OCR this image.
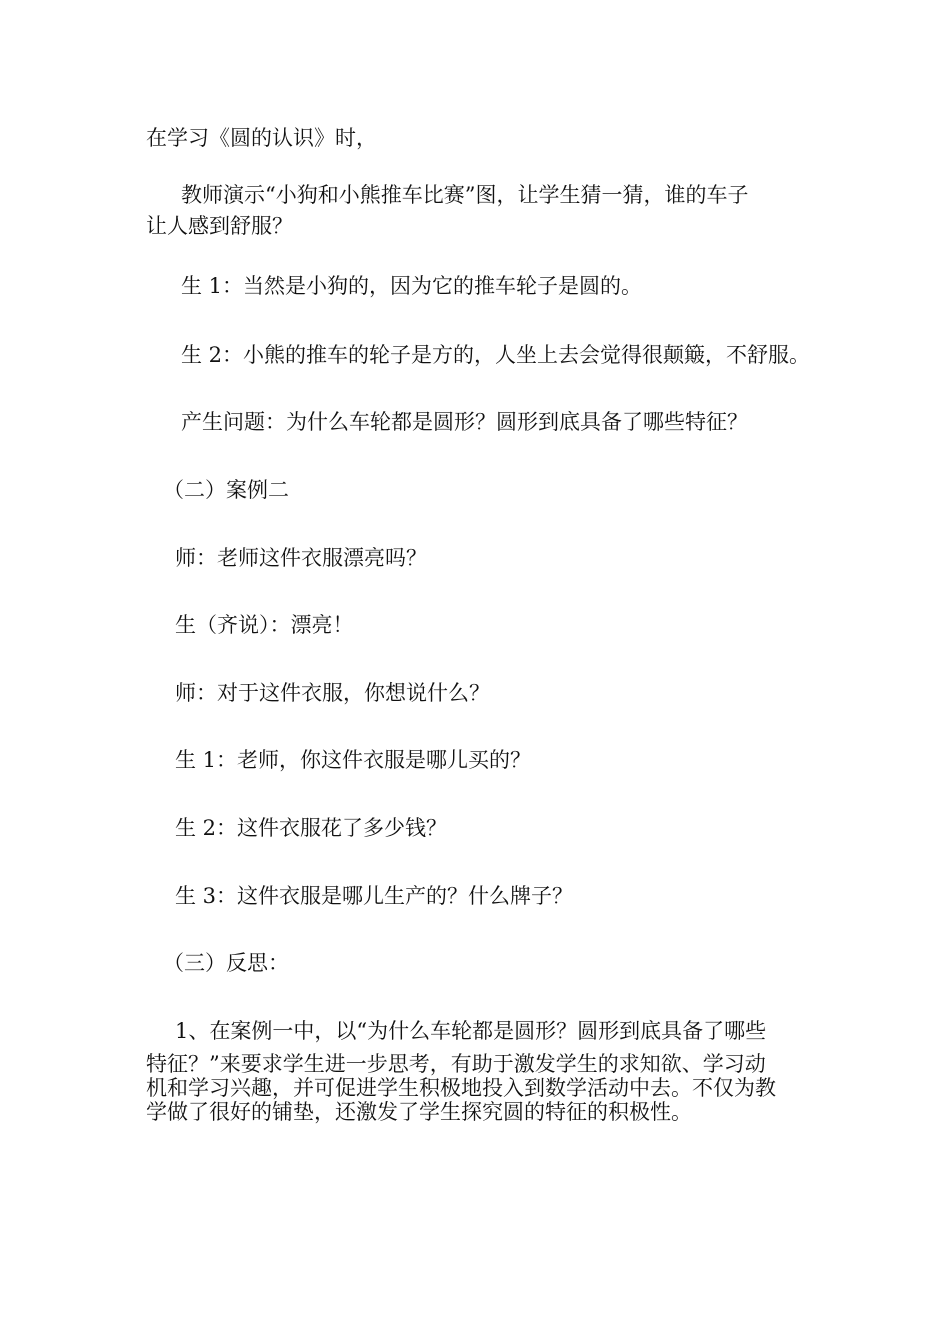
在学习《圆的认识》时，
教师演示“小狗和小熊推车比赛”图，让学生猜一猜，谁的车子
让人感到舒服？
生 1：当然是小狗的，因为它的推车轮子是圆的。
生 2：小熊的推车的轮子是方的，人坐上去会觉得很颠簸，不舒服。
产生问题：为什么车轮都是圆形？圆形到底具备了哪些特征？
（二）案例二
师：老师这件衣服漂亮吗？
生（齐说）：漂亮！
师：对于这件衣服，你想说什么？
生 1：老师，你这件衣服是哪儿买的？
生 2：这件衣服花了多少钱？
生 3：这件衣服是哪儿生产的？什么牌子？
（三）反思：
1、在案例一中，以“为什么车轮都是圆形？圆形到底具备了哪些
特征？”来要求学生进一步思考，有助于激发学生的求知欲、学习动
机和学习兴趣，并可促进学生积极地投入到数学活动中去。不仅为教
学做了很好的铺垫，还激发了学生探究圆的特征的积极性。
